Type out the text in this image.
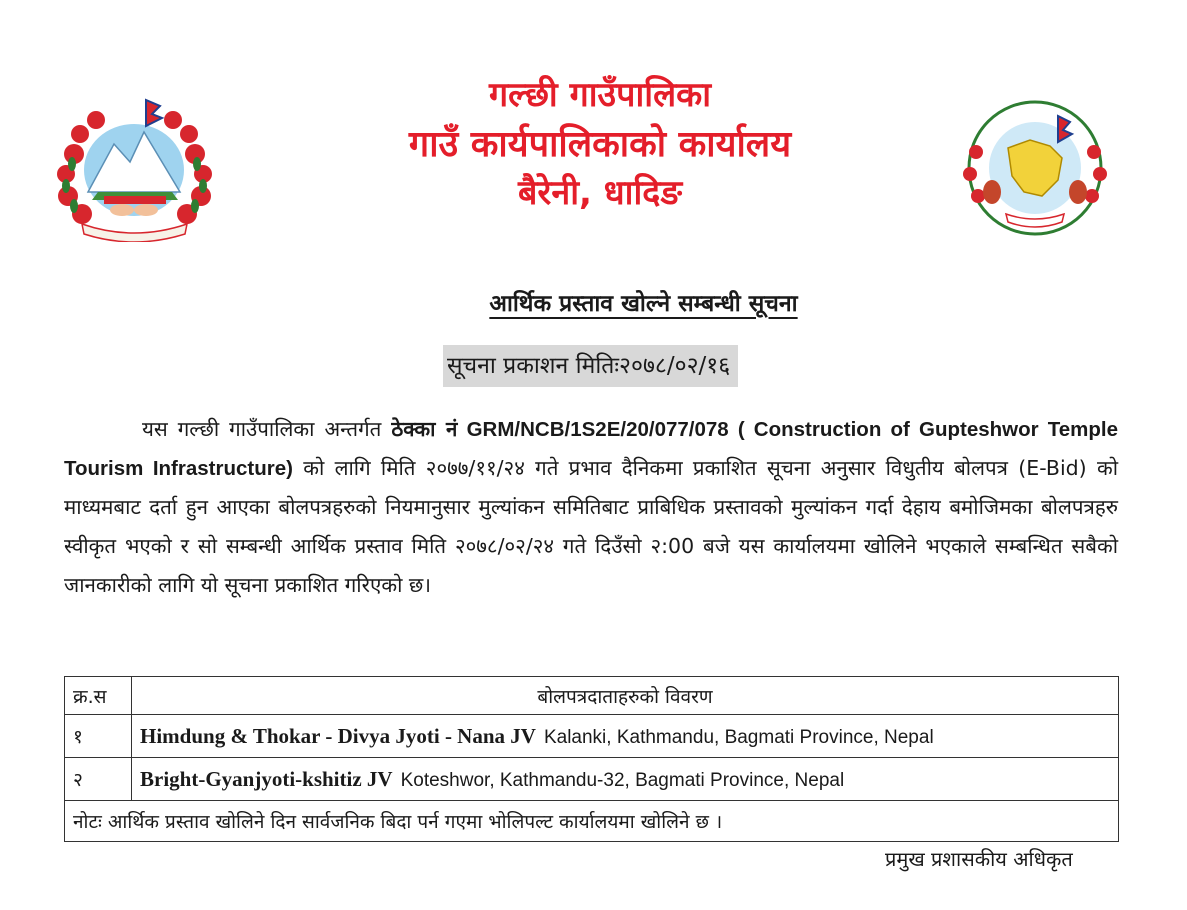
गल्छी गाउँपालिका
गाउँ कार्यपालिकाको कार्यालय
बैरेनी, धादिङ
आर्थिक प्रस्ताव खोल्ने सम्बन्धी सूचना
सूचना प्रकाशन मितिः२०७८/०२/१६

यस गल्छी गाउँपालिका अन्तर्गत ठेक्का नं GRM/NCB/1S2E/20/077/078 ( Construction of Gupteshwor Temple Tourism Infrastructure) को लागि मिति २०७७/११/२४ गते प्रभाव दैनिकमा प्रकाशित सूचना अनुसार विधुतीय बोलपत्र (E-Bid) को माध्यमबाट दर्ता हुन आएका बोलपत्रहरुको नियमानुसार मुल्यांकन समितिबाट प्राबिधिक प्रस्तावको मुल्यांकन गर्दा देहाय बमोजिमका बोलपत्रहरु स्वीकृत भएको र सो सम्बन्धी आर्थिक प्रस्ताव मिति २०७८/०२/२४ गते दिउँसो २:00 बजे यस कार्यालयमा खोलिने भएकाले सम्बन्धित सबैको जानकारीको लागि यो सूचना प्रकाशित गरिएको छ।

क्र.स	बोलपत्रदाताहरुको विवरण
१	Himdung & Thokar - Divya Jyoti - Nana JV Kalanki, Kathmandu, Bagmati Province, Nepal
२	Bright-Gyanjyoti-kshitiz JV Koteshwor, Kathmandu-32, Bagmati Province, Nepal
नोटः आर्थिक प्रस्ताव खोलिने दिन सार्वजनिक बिदा पर्न गएमा भोलिपल्ट कार्यालयमा खोलिने छ ।	
प्रमुख प्रशासकीय अधिकृत
